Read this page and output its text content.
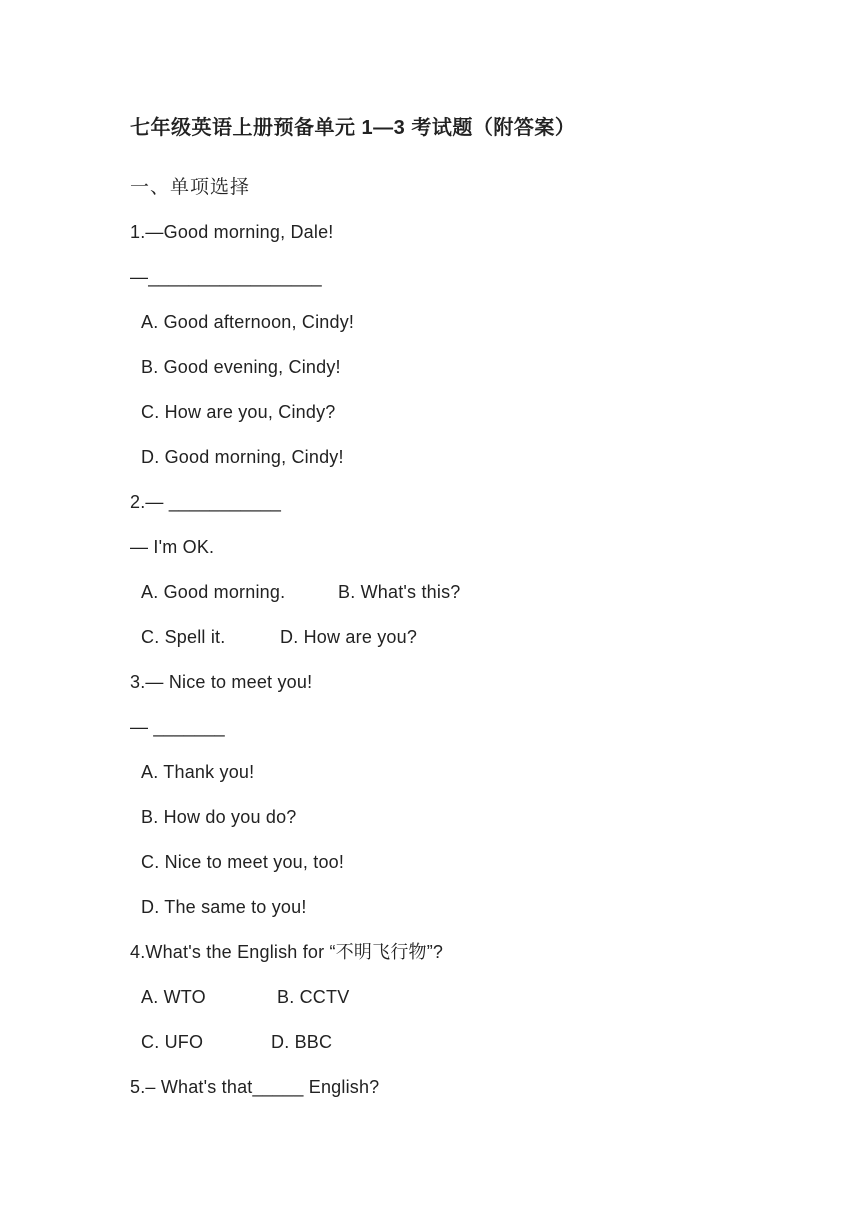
七年级英语上册预备单元 1—3 考试题（附答案）
一、单项选择
1.—Good morning, Dale!
—_________________
A. Good afternoon, Cindy!
B. Good evening, Cindy!
C. How are you, Cindy?
D. Good morning, Cindy!
2.— ___________
— I'm OK.
A. Good morning.	B. What's this?
C. Spell it.	D. How are you?
3.— Nice to meet you!
— _______
A. Thank you!
B. How do you do?
C. Nice to meet you, too!
D. The same to you!
4.What's the English for “不明飞行物”?
A. WTO	B. CCTV
C. UFO	D. BBC
5.– What's that_____ English?
